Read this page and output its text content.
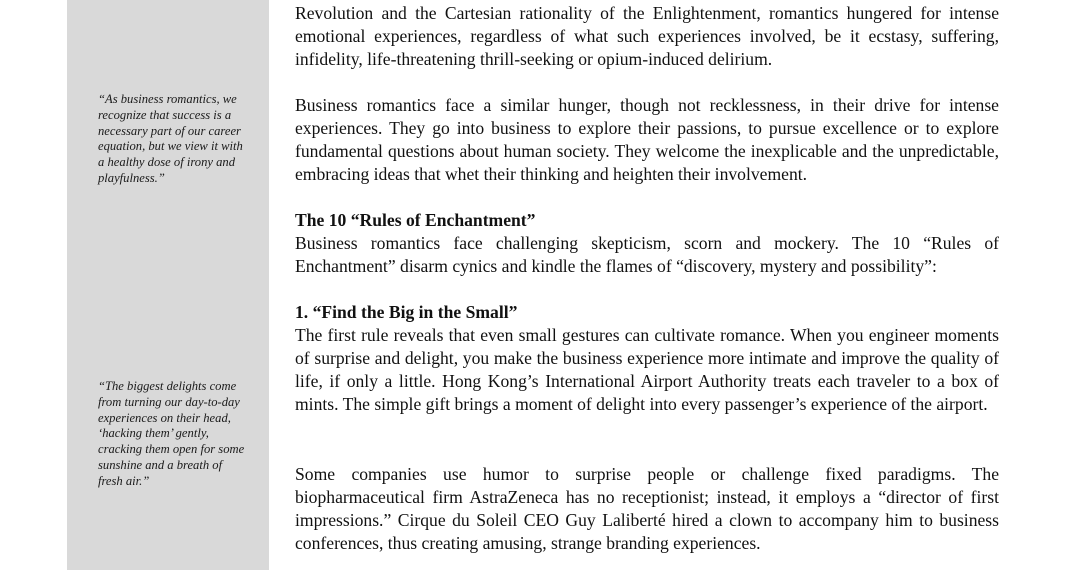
“As business romantics, we recognize that success is a necessary part of our career equation, but we view it with a healthy dose of irony and playfulness.”

“The biggest delights come from turning our day-to-day experiences on their head, ‘hacking them’ gently, cracking them open for some sunshine and a breath of fresh air.”

Revolution and the Cartesian rationality of the Enlightenment, romantics hungered for intense emotional experiences, regardless of what such experiences involved, be it ecstasy, suffering, infidelity, life-threatening thrill-seeking or opium-induced delirium.

Business romantics face a similar hunger, though not recklessness, in their drive for intense experiences. They go into business to explore their passions, to pursue excellence or to explore fundamental questions about human society. They welcome the inexplicable and the unpredictable, embracing ideas that whet their thinking and heighten their involvement.

The 10 “Rules of Enchantment”

Business romantics face challenging skepticism, scorn and mockery. The 10 “Rules of Enchantment” disarm cynics and kindle the flames of “discovery, mystery and possibility”:

1. “Find the Big in the Small”

The first rule reveals that even small gestures can cultivate romance. When you engineer moments of surprise and delight, you make the business experience more intimate and improve the quality of life, if only a little. Hong Kong’s International Airport Authority treats each traveler to a box of mints. The simple gift brings a moment of delight into every passenger’s experience of the airport.

Some companies use humor to surprise people or challenge fixed paradigms. The biopharmaceutical firm AstraZeneca has no receptionist; instead, it employs a “director of first impressions.” Cirque du Soleil CEO Guy Laliberté hired a clown to accompany him to business conferences, thus creating amusing, strange branding experiences.
